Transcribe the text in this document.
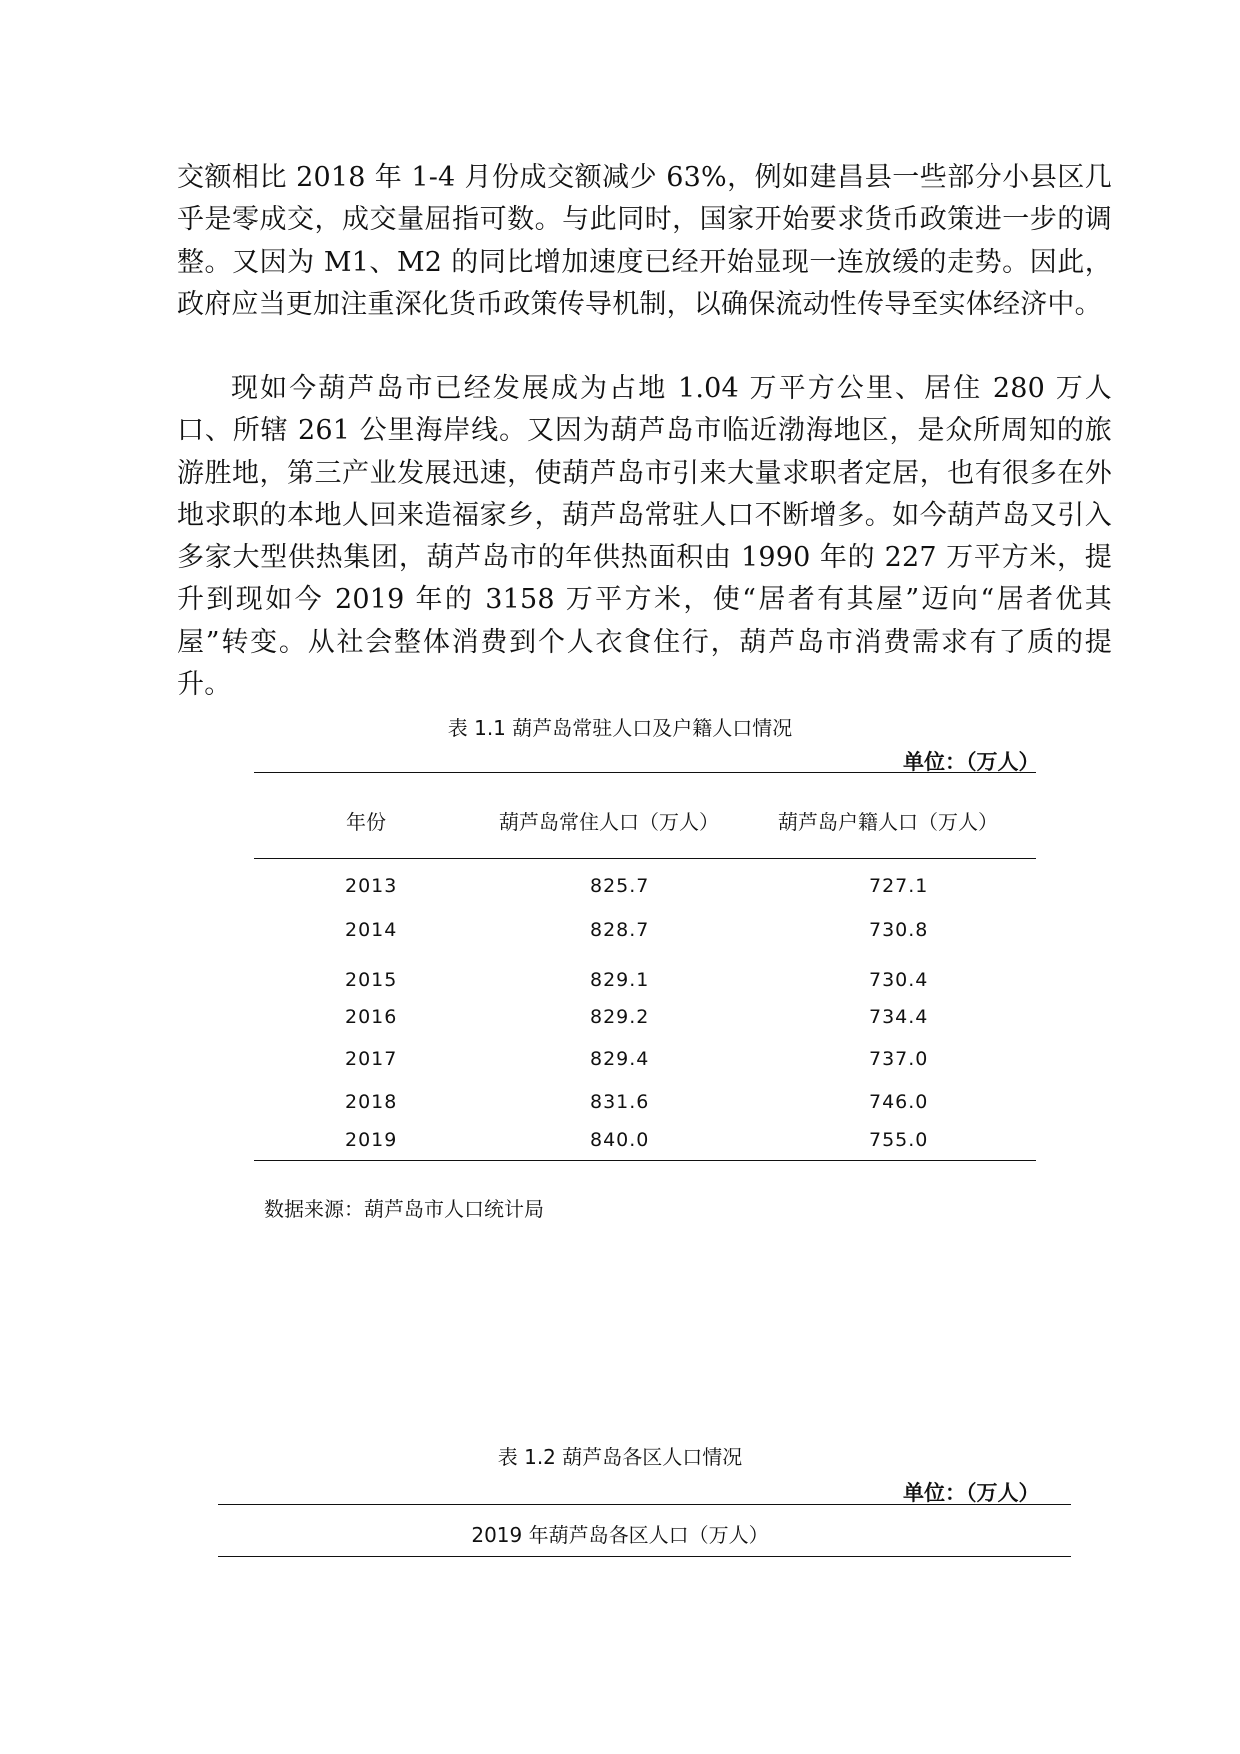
交额相比 2018 年 1-4 月份成交额减少 63%，例如建昌县一些部分小县区几乎是零成交，成交量屈指可数。与此同时，国家开始要求货币政策进一步的调整。又因为 M1、M2 的同比增加速度已经开始显现一连放缓的走势。因此，政府应当更加注重深化货币政策传导机制，以确保流动性传导至实体经济中。

现如今葫芦岛市已经发展成为占地 1.04 万平方公里、居住 280 万人口、所辖 261 公里海岸线。又因为葫芦岛市临近渤海地区，是众所周知的旅游胜地，第三产业发展迅速，使葫芦岛市引来大量求职者定居，也有很多在外地求职的本地人回来造福家乡，葫芦岛常驻人口不断增多。如今葫芦岛又引入多家大型供热集团，葫芦岛市的年供热面积由 1990 年的 227 万平方米，提升到现如今 2019 年的 3158 万平方米，使“居者有其屋”迈向“居者优其屋”转变。从社会整体消费到个人衣食住行，葫芦岛市消费需求有了质的提升。

表 1.1 葫芦岛常驻人口及户籍人口情况
单位：（万人）
年份	葫芦岛常住人口（万人）	葫芦岛户籍人口（万人）
2013	825.7	727.1
2014	828.7	730.8
2015	829.1	730.4
2016	829.2	734.4
2017	829.4	737.0
2018	831.6	746.0
2019	840.0	755.0
数据来源：葫芦岛市人口统计局
表 1.2 葫芦岛各区人口情况
单位：（万人）
2019 年葫芦岛各区人口（万人）
